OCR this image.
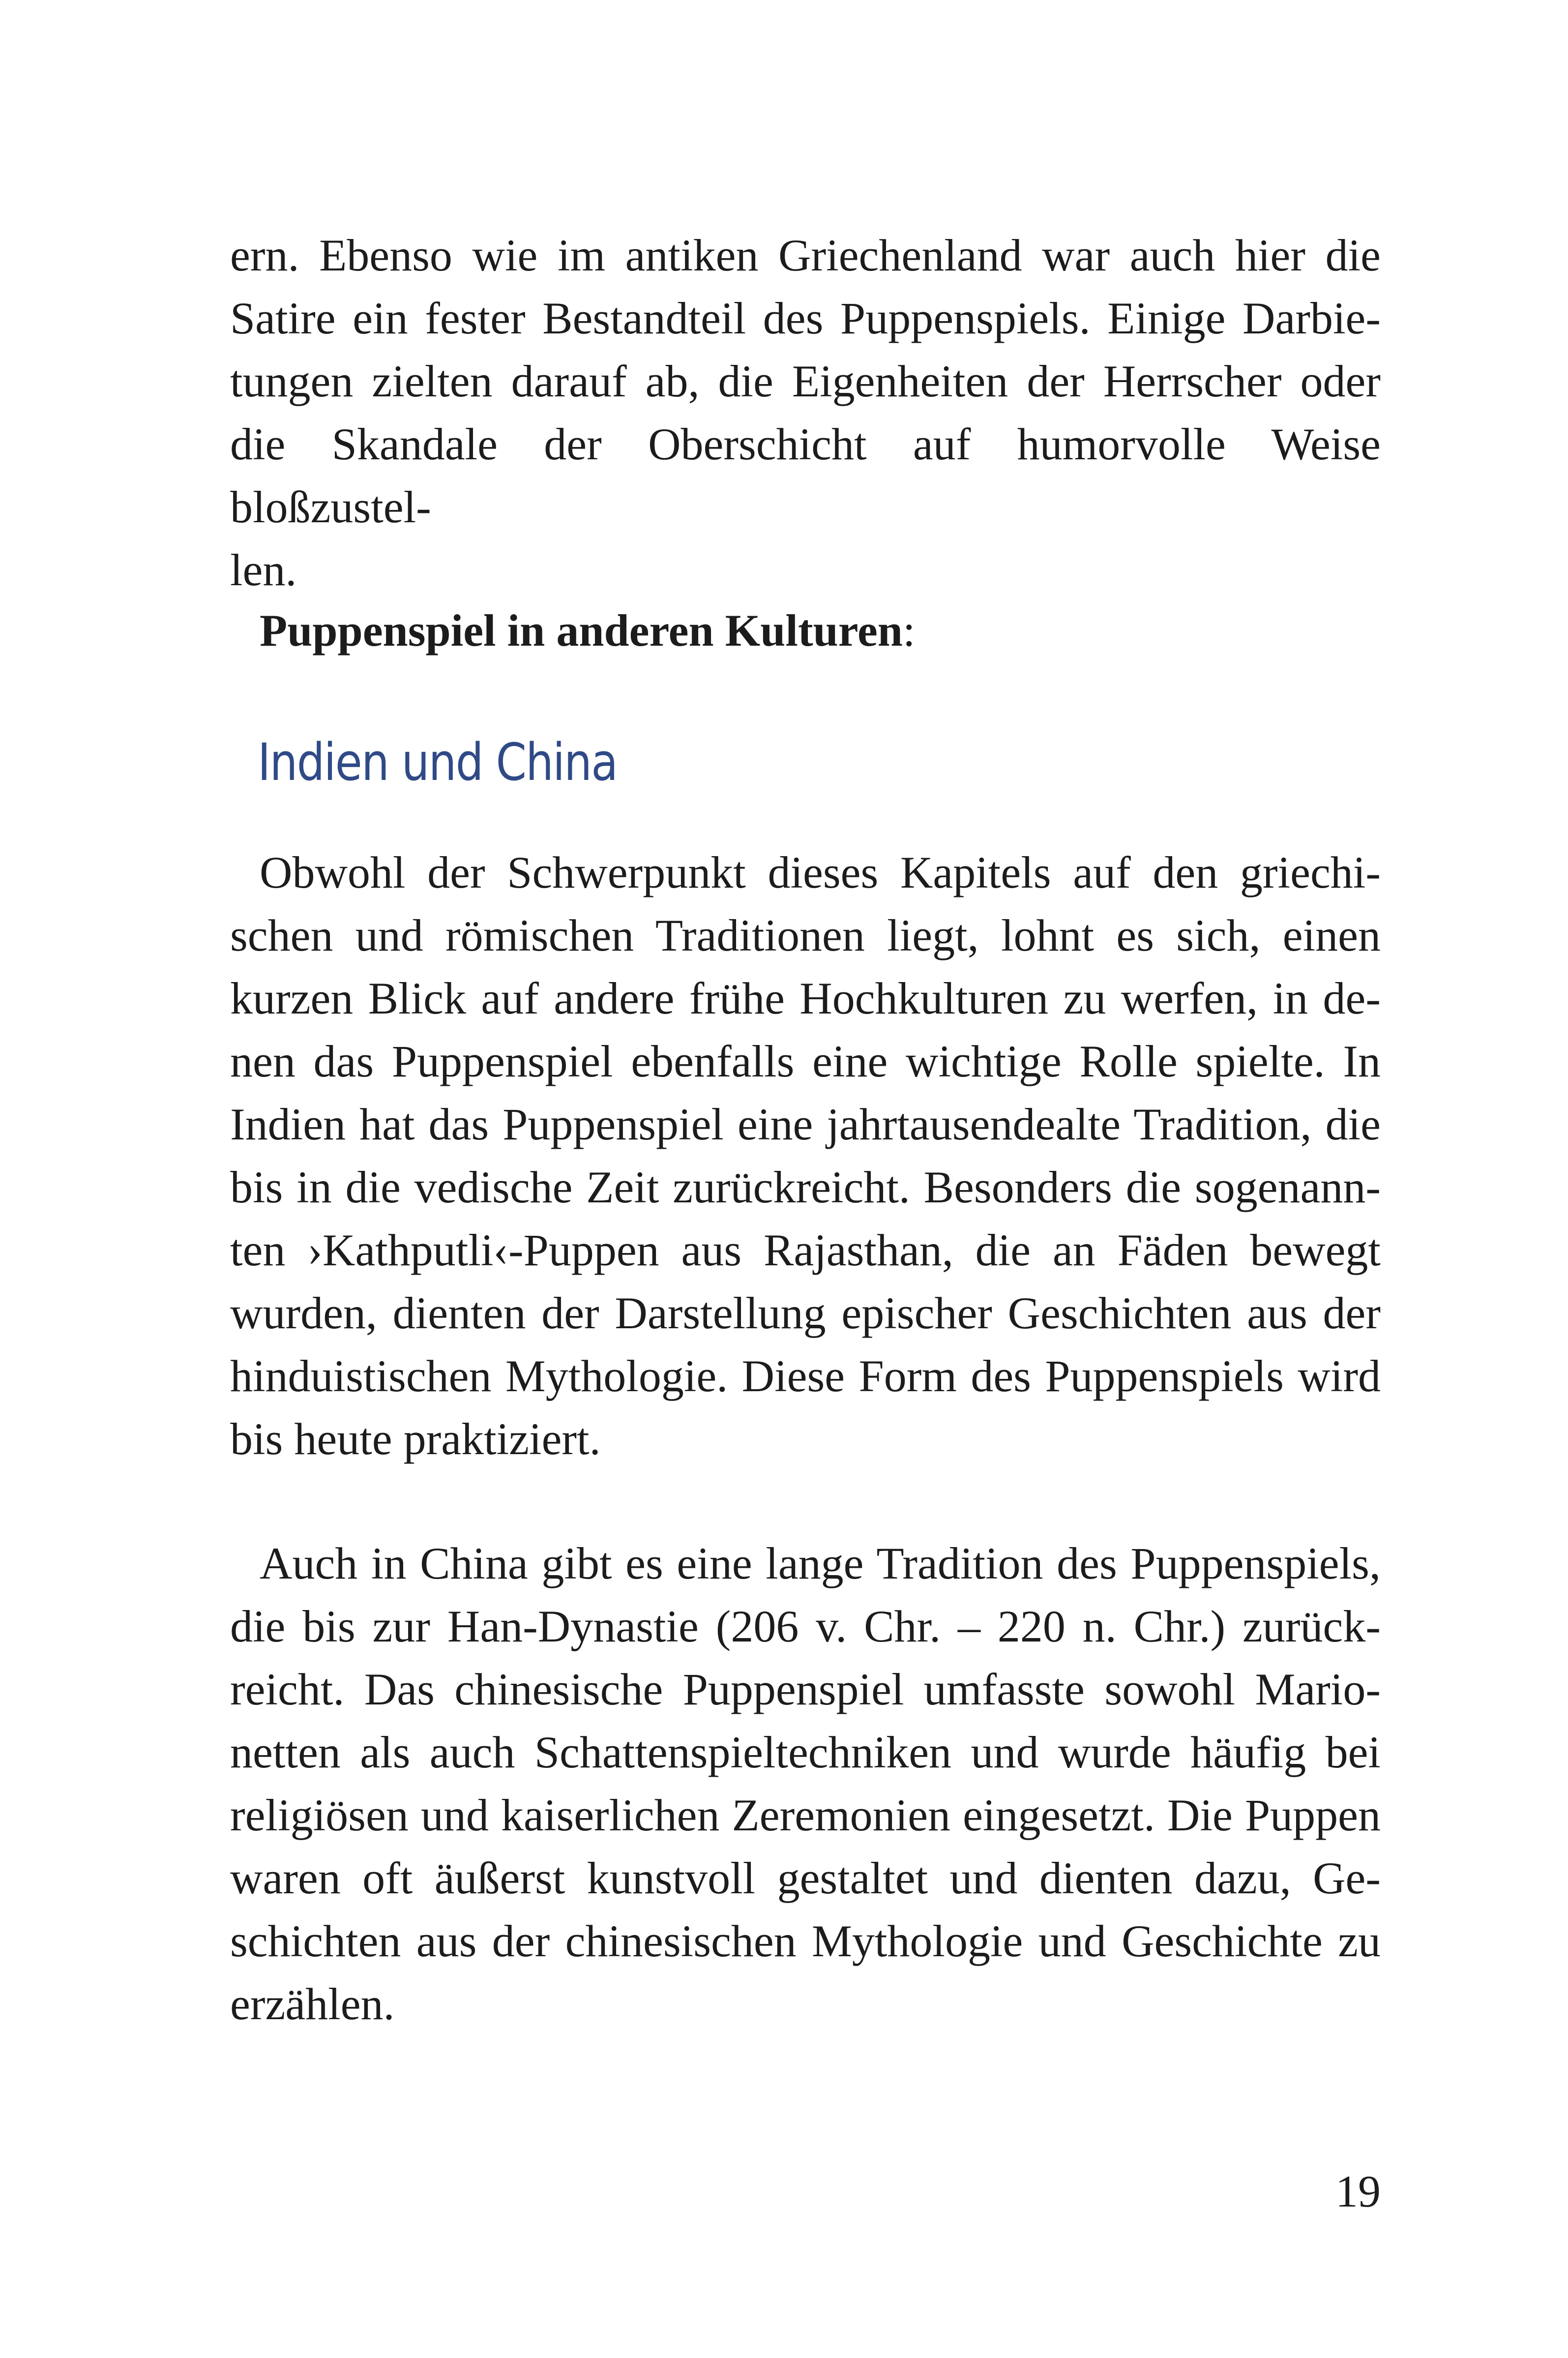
ern. Ebenso wie im antiken Griechenland war auch hier die
Satire ein fester Bestandteil des Puppenspiels. Einige Darbie-
tungen zielten darauf ab, die Eigenheiten der Herrscher oder
die Skandale der Oberschicht auf humorvolle Weise bloßzustel-
len.

Puppenspiel in anderen Kulturen:

Indien und China

Obwohl der Schwerpunkt dieses Kapitels auf den griechi-
schen und römischen Traditionen liegt, lohnt es sich, einen
kurzen Blick auf andere frühe Hochkulturen zu werfen, in de-
nen das Puppenspiel ebenfalls eine wichtige Rolle spielte. In
Indien hat das Puppenspiel eine jahrtausendealte Tradition, die
bis in die vedische Zeit zurückreicht. Besonders die sogenann-
ten ›Kathputli‹-Puppen aus Rajasthan, die an Fäden bewegt
wurden, dienten der Darstellung epischer Geschichten aus der
hinduistischen Mythologie. Diese Form des Puppenspiels wird
bis heute praktiziert.

Auch in China gibt es eine lange Tradition des Puppenspiels,
die bis zur Han-Dynastie (206 v. Chr. – 220 n. Chr.) zurück-
reicht. Das chinesische Puppenspiel umfasste sowohl Mario-
netten als auch Schattenspieltechniken und wurde häufig bei
religiösen und kaiserlichen Zeremonien eingesetzt. Die Puppen
waren oft äußerst kunstvoll gestaltet und dienten dazu, Ge-
schichten aus der chinesischen Mythologie und Geschichte zu
erzählen.

19
